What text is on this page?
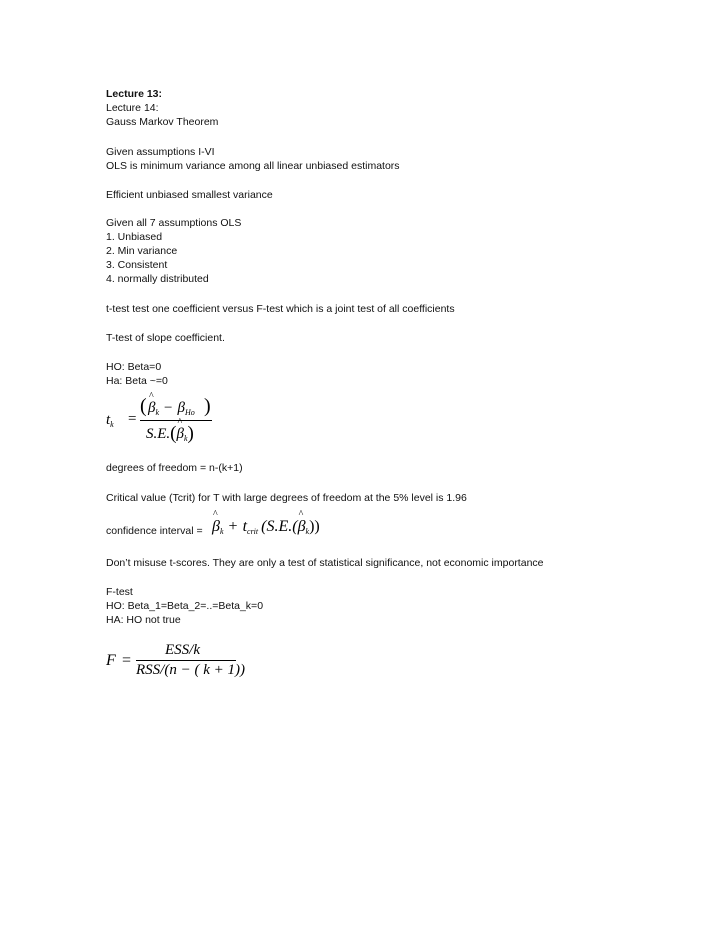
Lecture 13:
Lecture 14:
Gauss Markov Theorem
Given assumptions I-VI
OLS is minimum variance among all linear unbiased estimators
Efficient unbiased smallest variance
Given all 7 assumptions OLS
1. Unbiased
2. Min variance
3. Consistent
4. normally distributed
t-test test one coefficient versus F-test which is a joint test of all coefficients
T-test of slope coefficient.
HO: Beta=0
Ha: Beta ~=0
$t_k$ =
( ^ $\beta_k - \beta_{Ho}$ )
S.E.(^ $\beta_k$)
degrees of freedom = n-(k+1)
Critical value (Tcrit) for T with large degrees of freedom at the 5% level is 1.96
confidence interval = ^ βk + tcrit (S.E.(^ βk))
Don’t misuse t-scores. They are only a test of statistical significance, not economic importance
F-test
HO: Beta_1=Beta_2=..=Beta_k=0
HA: HO not true
F =
ESS/k
RSS/(n − ( k + 1))
